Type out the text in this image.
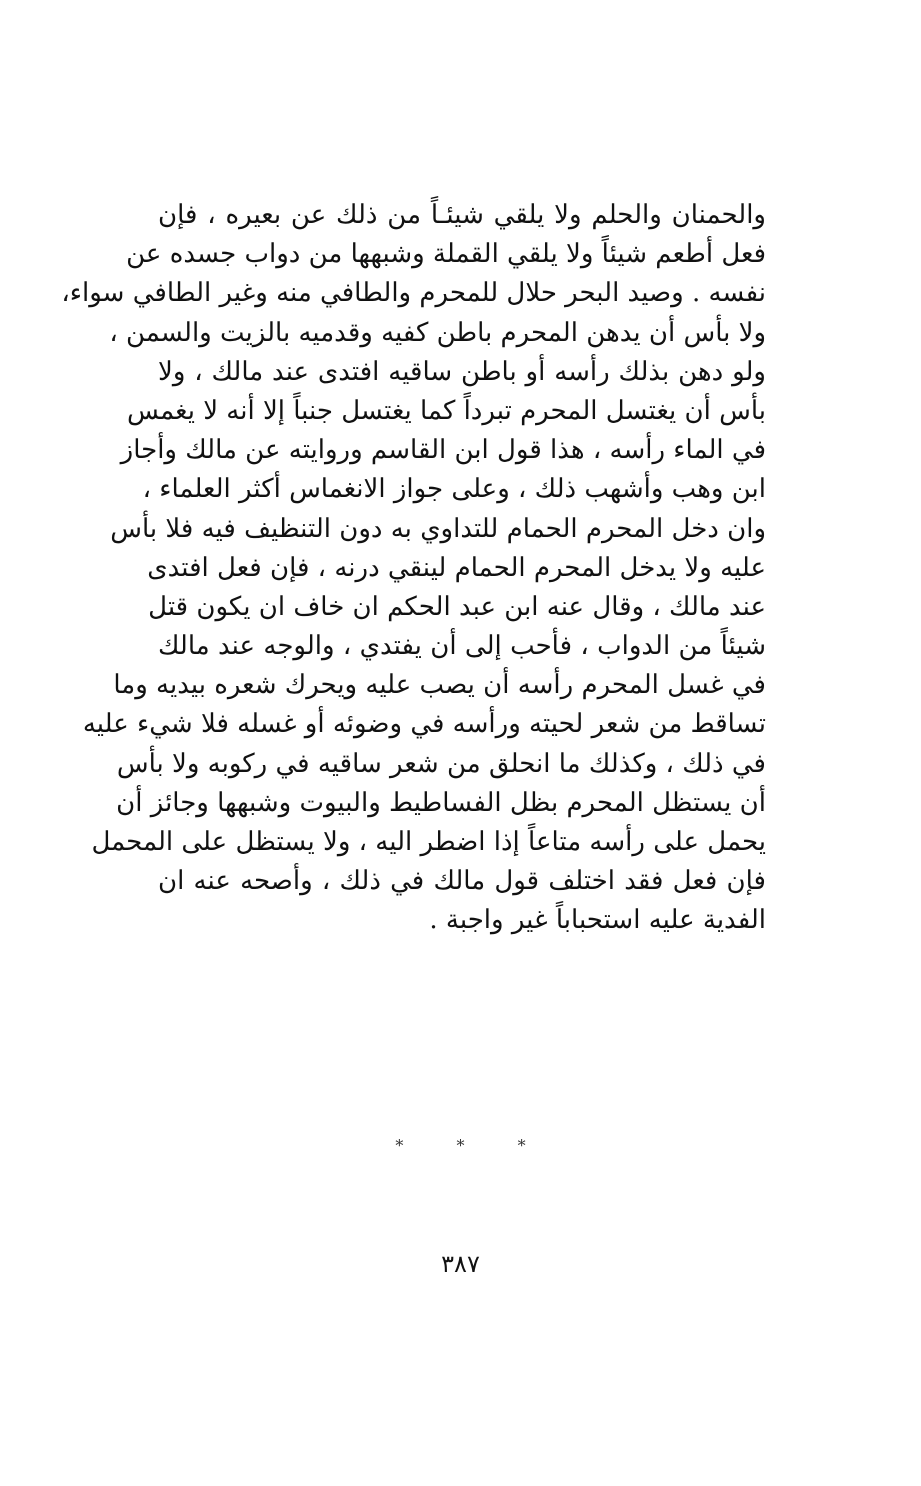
والحمنان والحلم ولا يلقي شيئـاً من ذلك عن بعيره ، فإن
فعل أطعم شيئاً ولا يلقي القملة وشبهها من دواب جسده عن
نفسه . وصيد البحر حلال للمحرم والطافي منه وغير الطافي سواء،
ولا بأس أن يدهن المحرم باطن كفيه وقدميه بالزيت والسمن ،
ولو دهن بذلك رأسه أو باطن ساقيه افتدى عند مالك ، ولا
بأس أن يغتسل المحرم تبرداً كما يغتسل جنباً إلا أنه لا يغمس
في الماء رأسه ، هذا قول ابن القاسم وروايته عن مالك وأجاز
ابن وهب وأشهب ذلك ، وعلى جواز الانغماس أكثر العلماء ،
وان دخل المحرم الحمام للتداوي به دون التنظيف فيه فلا بأس
عليه ولا يدخل المحرم الحمام لينقي درنه ، فإن فعل افتدى
عند مالك ، وقال عنه ابن عبد الحكم ان خاف ان يكون قتل
شيئاً من الدواب ، فأحب إلى أن يفتدي ، والوجه عند مالك
في غسل المحرم رأسه أن يصب عليه ويحرك شعره بيديه وما
تساقط من شعر لحيته ورأسه في وضوئه أو غسله فلا شيء عليه
في ذلك ، وكذلك ما انحلق من شعر ساقيه في ركوبه ولا بأس
أن يستظل المحرم بظل الفساطيط والبيوت وشبهها وجائز أن
يحمل على رأسه متاعاً إذا اضطر اليه ، ولا يستظل على المحمل
فإن فعل فقد اختلف قول مالك في ذلك ، وأصحه عنه ان
الفدية عليه استحباباً غير واجبة .
* * *
٣٨٧
